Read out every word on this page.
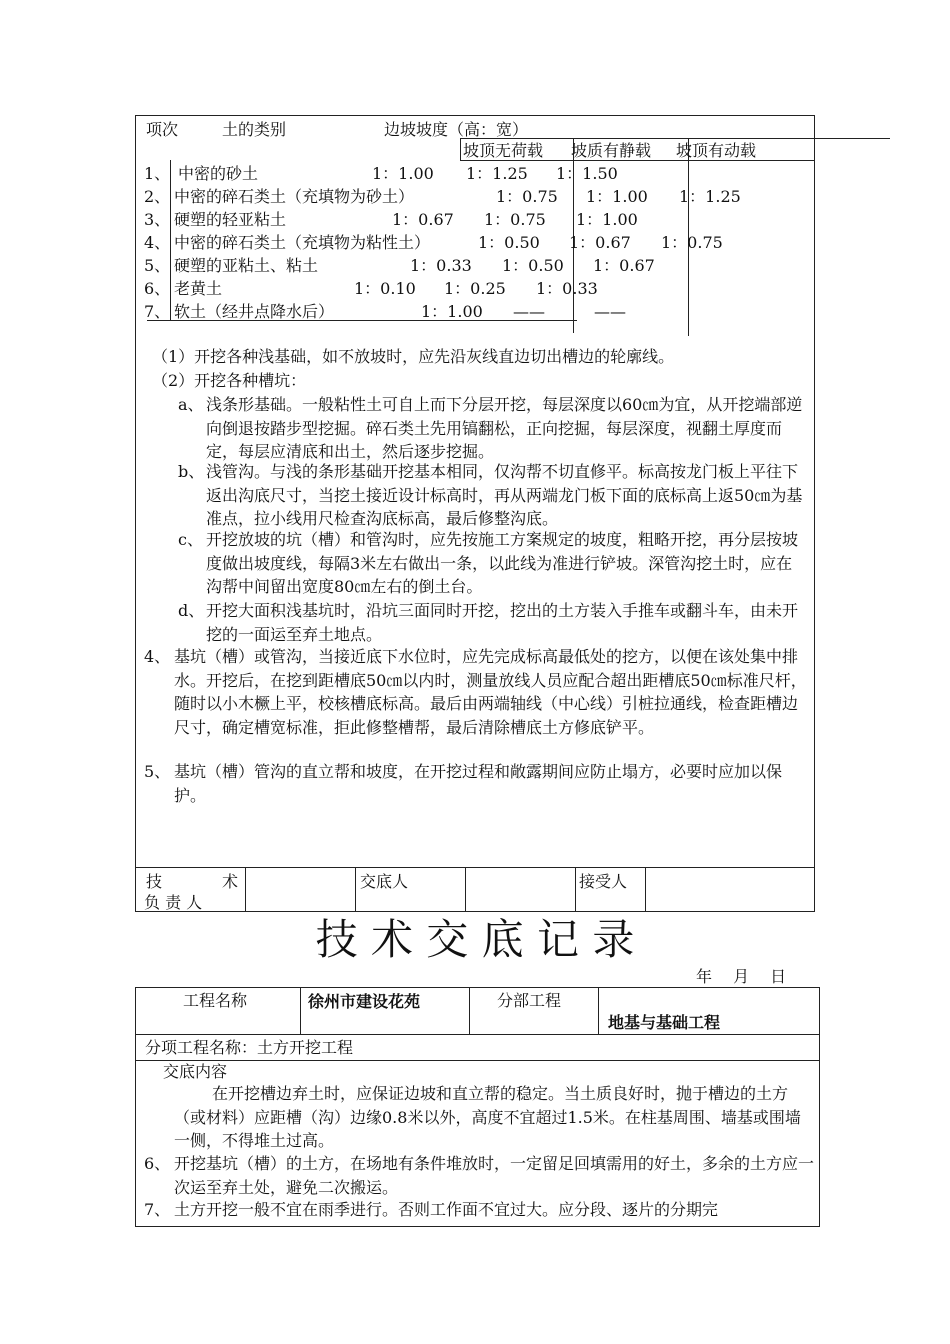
项次	土的类别	边坡坡度（高：宽）
坡顶无荷载 坡质有静载 坡顶有动载
1、 中密的砂土	1：1.00 1：1.25 1：1.50
2、 中密的碎石类土（充填物为砂土）	1：0.75 1：1.00 1：1.25
3、 硬塑的轻亚粘土	1：0.67 1：0.75 1：1.00
4、 中密的碎石类土（充填物为粘性土）	1：0.50 1：0.67 1：0.75
5、 硬塑的亚粘土、粘土	1：0.33 1：0.50 1：0.67
6、 老黄土	1：0.10 1：0.25 1：0.33
7、 软土（经井点降水后）	1：1.00 ——	——
（1）开挖各种浅基础，如不放坡时，应先沿灰线直边切出槽边的轮廓线。
（2）开挖各种槽坑：
a、 浅条形基础。一般粘性土可自上而下分层开挖，每层深度以60㎝为宜，从开挖端部逆向倒退按踏步型挖掘。碎石类土先用镐翻松，正向挖掘，每层深度，视翻土厚度而定，每层应清底和出土，然后逐步挖掘。
b、 浅管沟。与浅的条形基础开挖基本相同，仅沟帮不切直修平。标高按龙门板上平往下返出沟底尺寸，当挖土接近设计标高时，再从两端龙门板下面的底标高上返50㎝为基准点，拉小线用尺检查沟底标高，最后修整沟底。
c、 开挖放坡的坑（槽）和管沟时，应先按施工方案规定的坡度，粗略开挖，再分层按坡度做出坡度线，每隔3米左右做出一条，以此线为准进行铲坡。深管沟挖土时，应在沟帮中间留出宽度80㎝左右的倒土台。
d、 开挖大面积浅基坑时，沿坑三面同时开挖，挖出的土方装入手推车或翻斗车，由未开挖的一面运至弃土地点。
4、 基坑（槽）或管沟，当接近底下水位时，应先完成标高最低处的挖方，以便在该处集中排水。开挖后，在挖到距槽底50㎝以内时，测量放线人员应配合超出距槽底50㎝标准尺杆，随时以小木橛上平，校核槽底标高。最后由两端轴线（中心线）引桩拉通线，检查距槽边尺寸，确定槽宽标准，拒此修整槽帮，最后清除槽底土方修底铲平。
5、 基坑（槽）管沟的直立帮和坡度，在开挖过程和敞露期间应防止塌方，必要时应加以保护。
技	术
负 责 人
交底人	接受人
技 术 交 底 记 录
年　 月　 日
工程名称	徐州市建设花苑	分部工程
地基与基础工程
分项工程名称：土方开挖工程
交底内容
在开挖槽边弃土时，应保证边坡和直立帮的稳定。当土质良好时，抛于槽边的土方（或材料）应距槽（沟）边缘0.8米以外，高度不宜超过1.5米。在柱基周围、墙基或围墙一侧，不得堆土过高。
6、 开挖基坑（槽）的土方，在场地有条件堆放时，一定留足回填需用的好土，多余的土方应一次运至弃土处，避免二次搬运。
7、 土方开挖一般不宜在雨季进行。否则工作面不宜过大。应分段、逐片的分期完
